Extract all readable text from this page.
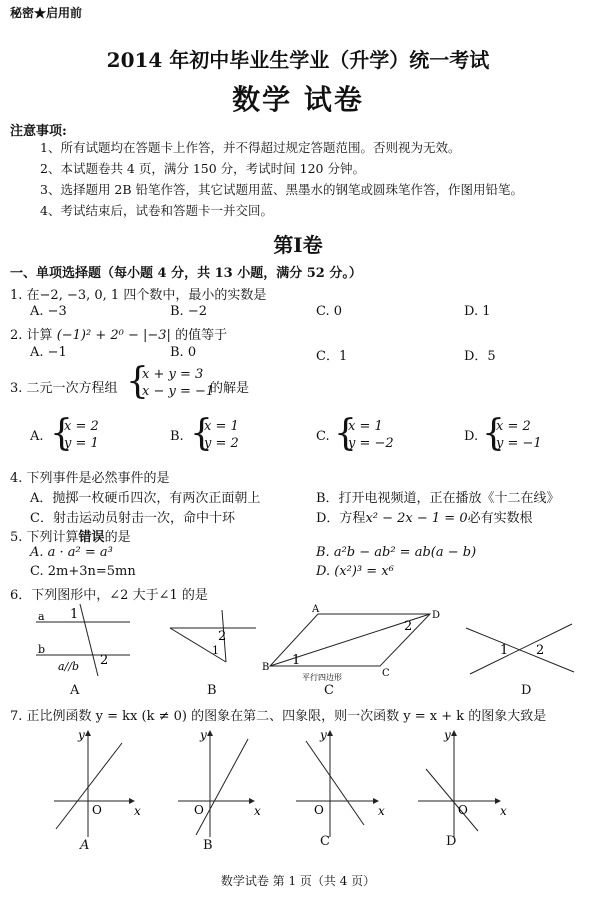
秘密★启用前
2014 年初中毕业生学业（升学）统一考试
数学 试卷
注意事项:
1、所有试题均在答题卡上作答，并不得超过规定答题范围。否则视为无效。
2、本试题卷共 4 页，满分 150 分，考试时间 120 分钟。
3、选择题用 2B 铅笔作答，其它试题用蓝、黑墨水的钢笔或圆珠笔作答，作图用铅笔。
4、考试结束后，试卷和答题卡一并交回。
第Ⅰ卷
一、单项选择题（每小题 4 分，共 13 小题，满分 52 分。）
1. 在−2, −3, 0, 1 四个数中，最小的实数是
A. −3	B. −2	C. 0	D. 1
2. 计算 (−1)² + 2⁰ − |−3| 的值等于
A. −1	B. 0	C．1	D．5
3. 二元一次方程组 {
x + y = 3
x − y = −1
的解是
A. {
x = 2
y = 1	B. {
x = 1
y = 2	C. {
x = 1
y = −2	D. {
x = 2
y = −1
4. 下列事件是必然事件的是
A．抛掷一枚硬币四次，有两次正面朝上	B．打开电视频道，正在播放《十二在线》
C．射击运动员射击一次，命中十环	D．方程x² − 2x − 1 = 0必有实数根
5. 下列计算错误的是
A. a · a² = a³	B. a²b − ab² = ab(a − b)
C. 2m+3n=5mn	D. (x²)³ = x⁶
6．下列图形中，∠2 大于∠1 的是
a
b
1
2
a//b
2
1
A
D
B
C
1
2
平行四边形
1 2
A	B	C	D
7. 正比例函数 y = kx (k ≠ 0) 的图象在第二、四象限，则一次函数 y = x + k 的图象大致是
y
x
O
y
x
O
y
x
O
y
x
O
A	B	C	D
数学试卷 第 1 页（共 4 页）
